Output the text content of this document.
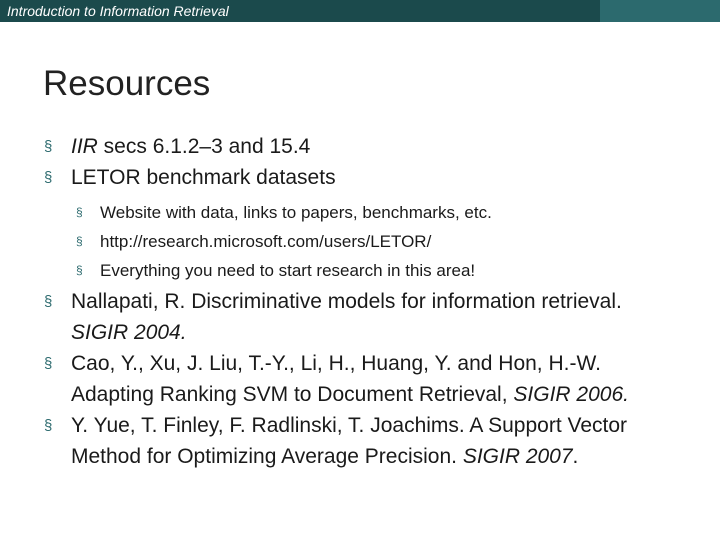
Introduction to Information Retrieval
Resources
§ IIR secs 6.1.2–3 and 15.4
§ LETOR benchmark datasets
§ Website with data, links to papers, benchmarks, etc.
§ http://research.microsoft.com/users/LETOR/
§ Everything you need to start research in this area!
§ Nallapati, R. Discriminative models for information retrieval. SIGIR 2004.
§ Cao, Y., Xu, J. Liu, T.-Y., Li, H., Huang, Y. and Hon, H.-W. Adapting Ranking SVM to Document Retrieval, SIGIR 2006.
§ Y. Yue, T. Finley, F. Radlinski, T. Joachims. A Support Vector Method for Optimizing Average Precision. SIGIR 2007.
